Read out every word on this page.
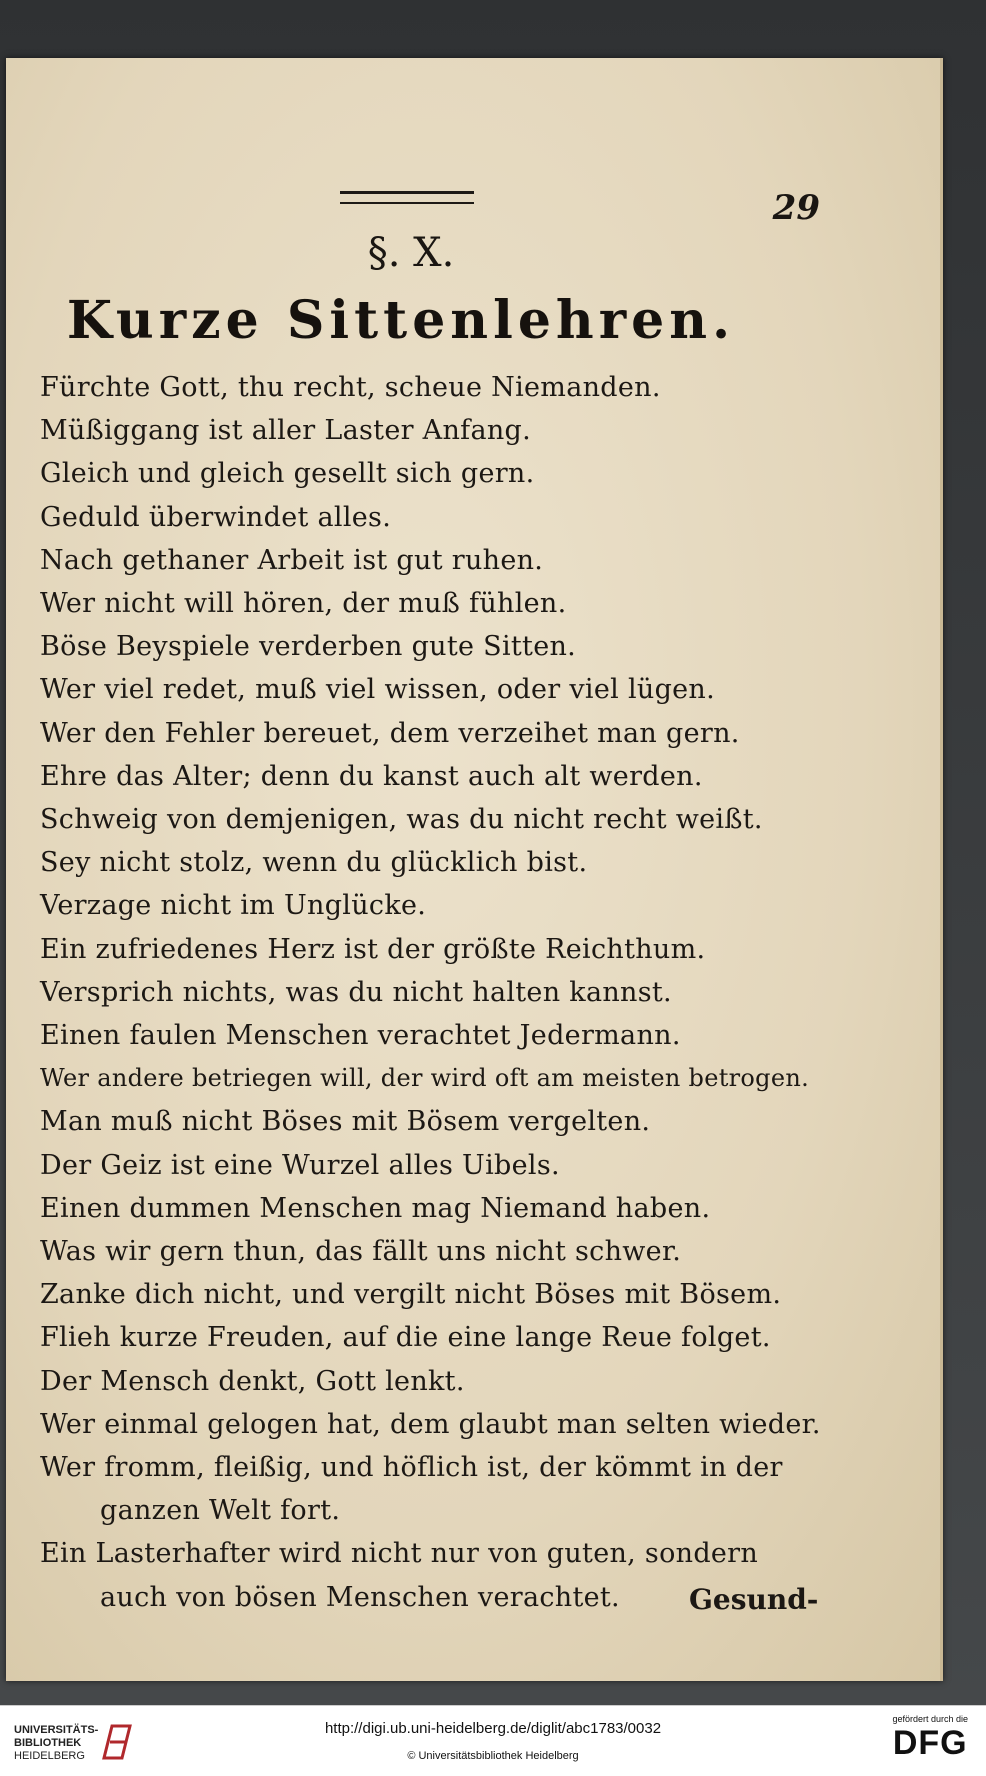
29
§. X.
Kurze Sittenlehren.
Fürchte Gott, thu recht, scheue Niemanden.
Müßiggang ist aller Laster Anfang.
Gleich und gleich gesellt sich gern.
Geduld überwindet alles.
Nach gethaner Arbeit ist gut ruhen.
Wer nicht will hören, der muß fühlen.
Böse Beyspiele verderben gute Sitten.
Wer viel redet, muß viel wissen, oder viel lügen.
Wer den Fehler bereuet, dem verzeihet man gern.
Ehre das Alter; denn du kanst auch alt werden.
Schweig von demjenigen, was du nicht recht weißt.
Sey nicht stolz, wenn du glücklich bist.
Verzage nicht im Unglücke.
Ein zufriedenes Herz ist der größte Reichthum.
Versprich nichts, was du nicht halten kannst.
Einen faulen Menschen verachtet Jedermann.
Wer andere betriegen will, der wird oft am meisten betrogen.
Man muß nicht Böses mit Bösem vergelten.
Der Geiz ist eine Wurzel alles Uibels.
Einen dummen Menschen mag Niemand haben.
Was wir gern thun, das fällt uns nicht schwer.
Zanke dich nicht, und vergilt nicht Böses mit Bösem.
Flieh kurze Freuden, auf die eine lange Reue folget.
Der Mensch denkt, Gott lenkt.
Wer einmal gelogen hat, dem glaubt man selten wieder.
Wer fromm, fleißig, und höflich ist, der kömmt in der
ganzen Welt fort.
Ein Lasterhafter wird nicht nur von guten, sondern
auch von bösen Menschen verachtet.	Gesund-
UNIVERSITÄTS-
BIBLIOTHEK
HEIDELBERG
http://digi.ub.uni-heidelberg.de/diglit/abc1783/0032
© Universitätsbibliothek Heidelberg
gefördert durch die
DFG
